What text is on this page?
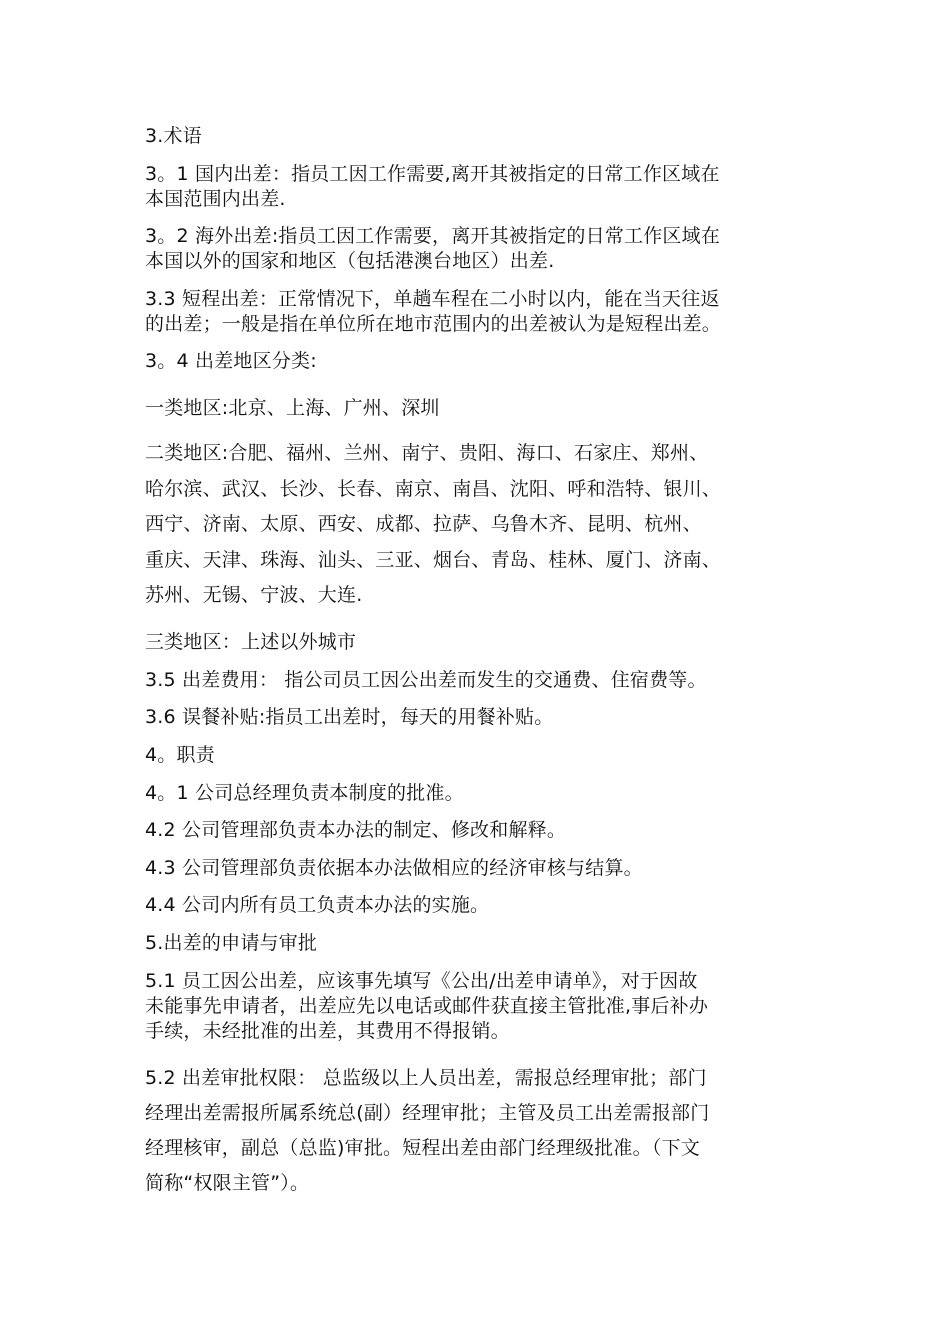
3.术语
3。1 国内出差：指员工因工作需要,离开其被指定的日常工作区域在
本国范围内出差.
3。2 海外出差:指员工因工作需要，离开其被指定的日常工作区域在
本国以外的国家和地区（包括港澳台地区）出差.
3.3 短程出差：正常情况下，单趟车程在二小时以内，能在当天往返
的出差；一般是指在单位所在地市范围内的出差被认为是短程出差。
3。4 出差地区分类:
一类地区:北京、上海、广州、深圳
二类地区:合肥、福州、兰州、南宁、贵阳、海口、石家庄、郑州、
哈尔滨、武汉、长沙、长春、南京、南昌、沈阳、呼和浩特、银川、
西宁、济南、太原、西安、成都、拉萨、乌鲁木齐、昆明、杭州、
重庆、天津、珠海、汕头、三亚、烟台、青岛、桂林、厦门、济南、
苏州、无锡、宁波、大连.
三类地区：上述以外城市
3.5 出差费用： 指公司员工因公出差而发生的交通费、住宿费等。
3.6 误餐补贴:指员工出差时，每天的用餐补贴。
4。职责
4。1 公司总经理负责本制度的批准。
4.2 公司管理部负责本办法的制定、修改和解释。
4.3 公司管理部负责依据本办法做相应的经济审核与结算。
4.4 公司内所有员工负责本办法的实施。
5.出差的申请与审批
5.1 员工因公出差，应该事先填写《公出/出差申请单》，对于因故
未能事先申请者，出差应先以电话或邮件获直接主管批准,事后补办
手续，未经批准的出差，其费用不得报销。
5.2 出差审批权限： 总监级以上人员出差，需报总经理审批；部门
经理出差需报所属系统总(副）经理审批；主管及员工出差需报部门
经理核审，副总（总监)审批。短程出差由部门经理级批准。（下文
简称“权限主管”）。
